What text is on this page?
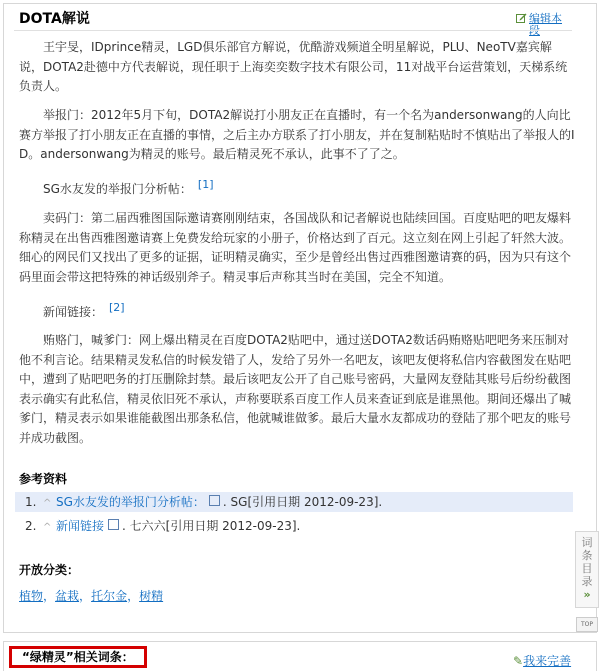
DOTA解说	编辑本段
王宇旻，IDprince精灵，LGD俱乐部官方解说，优酷游戏频道全明星解说，PLU、NeoTV嘉宾解说，DOTA2赴德中方代表解说，现任职于上海奕奕数字技术有限公司，11对战平台运营策划，天梯系统负责人。
举报门：2012年5月下旬，DOTA2解说打小朋友正在直播时，有一个名为andersonwang的人向比赛方举报了打小朋友正在直播的事情，之后主办方联系了打小朋友，并在复制粘贴时不慎贴出了举报人的ID。andersonwang为精灵的账号。最后精灵死不承认，此事不了了之。
SG水友发的举报门分析帖： [1]
卖码门：第二届西雅图国际邀请赛刚刚结束，各国战队和记者解说也陆续回国。百度贴吧的吧友爆料称精灵在出售西雅图邀请赛上免费发给玩家的小册子，价格达到了百元。这立刻在网上引起了轩然大波。细心的网民们又找出了更多的证据，证明精灵确实，至少是曾经出售过西雅图邀请赛的码，因为只有这个码里面会带这把特殊的神话级别斧子。精灵事后声称其当时在美国，完全不知道。
新闻链接： [2]
贿赂门，喊爹门：网上爆出精灵在百度DOTA2贴吧中，通过送DOTA2数话码贿赂贴吧吧务来压制对他不利言论。结果精灵发私信的时候发错了人，发给了另外一名吧友，该吧友便将私信内容截图发在贴吧中，遭到了贴吧吧务的打压删除封禁。最后该吧友公开了自己账号密码，大量网友登陆其账号后纷纷截图表示确实有此私信，精灵依旧死不承认，声称要联系百度工作人员来查证到底是谁黑他。期间还爆出了喊爹门，精灵表示如果谁能截图出那条私信，他就喊谁做爹。最后大量水友都成功的登陆了那个吧友的账号并成功截图。
参考资料
1. ^ SG水友发的举报门分析帖： . SG[引用日期 2012-09-23].
2. ^ 新闻链接 . 七六六[引用日期 2012-09-23].
开放分类：
植物，盆栽，托尔金，树精
词条目录
»
TOP
“绿精灵”相关词条：	✎我来完善
